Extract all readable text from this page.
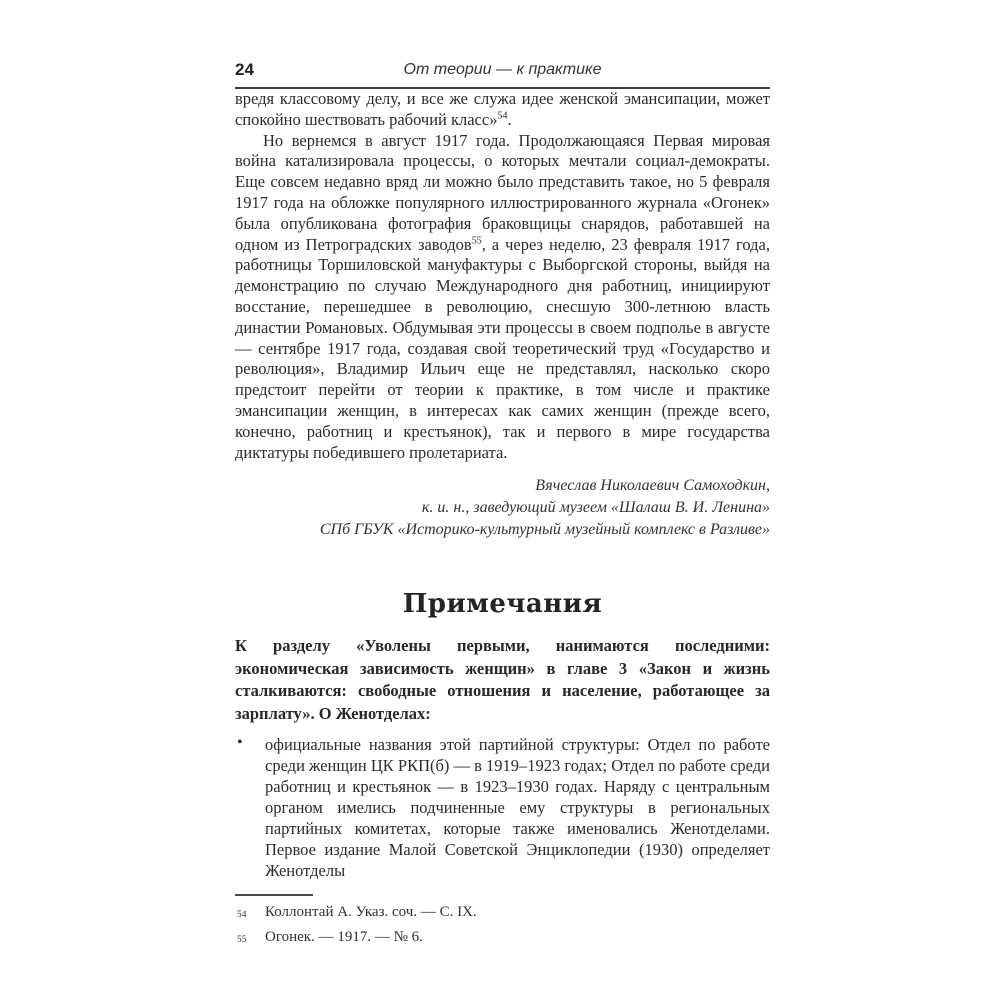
24	От теории — к практике

вредя классовому делу, и все же служа идее женской эмансипации, может спокойно шествовать рабочий класс»$^{54}$.

Но вернемся в август 1917 года. Продолжающаяся Первая мировая война катализировала процессы, о которых мечтали социал-демократы. Еще совсем недавно вряд ли можно было представить такое, но 5 февраля 1917 года на обложке популярного иллюстрированного журнала «Огонек» была опубликована фотография браковщицы снарядов, работавшей на одном из Петроградских заводов$^{55}$, а через неделю, 23 февраля 1917 года, работницы Торшиловской мануфактуры с Выборгской стороны, выйдя на демонстрацию по случаю Международного дня работниц, инициируют восстание, перешедшее в революцию, снесшую 300-летнюю власть династии Романовых. Обдумывая эти процессы в своем подполье в августе — сентябре 1917 года, создавая свой теоретический труд «Государство и революция», Владимир Ильич еще не представлял, насколько скоро предстоит перейти от теории к практике, в том числе и практике эмансипации женщин, в интересах как самих женщин (прежде всего, конечно, работниц и крестьянок), так и первого в мире государства диктатуры победившего пролетариата.

Вячеслав Николаевич Самоходкин,
к. и. н., заведующий музеем «Шалаш В. И. Ленина»
СПб ГБУК «Историко-культурный музейный комплекс в Разливе»
Примечания

К разделу «Уволены первыми, нанимаются последними: экономическая зависимость женщин» в главе 3 «Закон и жизнь сталкиваются: свободные отношения и население, работающее за зарплату». О Женотделах:

• официальные названия этой партийной структуры: Отдел по работе среди женщин ЦК РКП(б) — в 1919–1923 годах; Отдел по работе среди работниц и крестьянок — в 1923–1930 годах. Наряду с центральным органом имелись подчиненные ему структуры в региональных партийных комитетах, которые также именовались Женотделами. Первое издание Малой Советской Энциклопедии (1930) определяет Женотделы

54 Коллонтай А. Указ. соч. — С. IX.
55 Огонек. — 1917. — № 6.
